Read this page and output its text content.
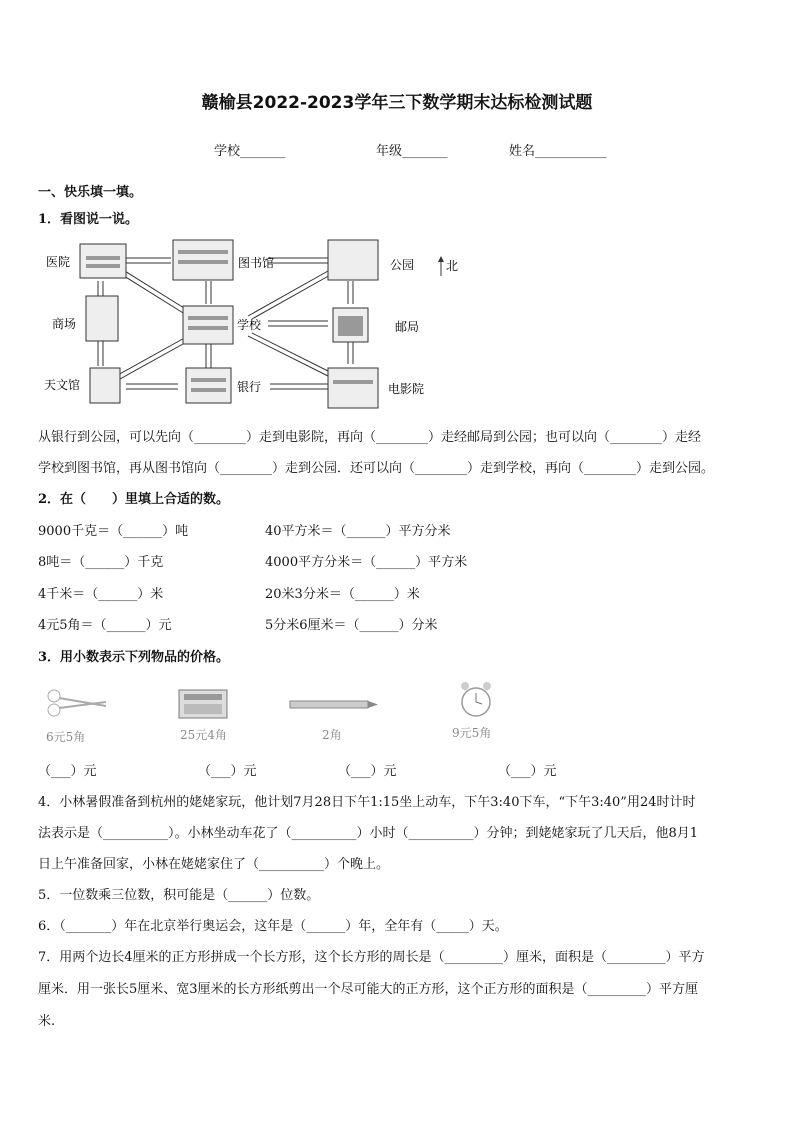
赣榆县2022-2023学年三下数学期末达标检测试题
学校_______	年级_______	姓名___________
一、快乐填一填。
1．看图说一说。
医院	图书馆	公园	北
商场	学校	邮局
天文馆	银行	电影院
从银行到公园，可以先向（________）走到电影院，再向（________）走经邮局到公园；也可以向（________）走经
学校到图书馆，再从图书馆向（________）走到公园．还可以向（________）走到学校，再向（________）走到公园。
2．在（　　）里填上合适的数。
9000千克＝（______）吨	40平方米＝（______）平方分米
8吨＝（______）千克	4000平方分米＝（______）平方米
4千米＝（______）米	20米3分米＝（______）米
4元5角＝（______）元	5分米6厘米＝（______）分米
3．用小数表示下列物品的价格。
6元5角	25元4角	2角	9元5角
（___）元	（___）元	（___）元	（___）元
4．小林暑假准备到杭州的姥姥家玩，他计划7月28日下午1:15坐上动车，下午3:40下车，“下午3:40”用24时计时
法表示是（__________）。小林坐动车花了（__________）小时（__________）分钟；到姥姥家玩了几天后，他8月1
日上午准备回家，小林在姥姥家住了（__________）个晚上。
5．一位数乘三位数，积可能是（______）位数。
6．（_______）年在北京举行奥运会，这年是（______）年，全年有（_____）天。
7．用两个边长4厘米的正方形拼成一个长方形，这个长方形的周长是（_________）厘米，面积是（_________）平方
厘米．用一张长5厘米、宽3厘米的长方形纸剪出一个尽可能大的正方形，这个正方形的面积是（_________）平方厘
米.
